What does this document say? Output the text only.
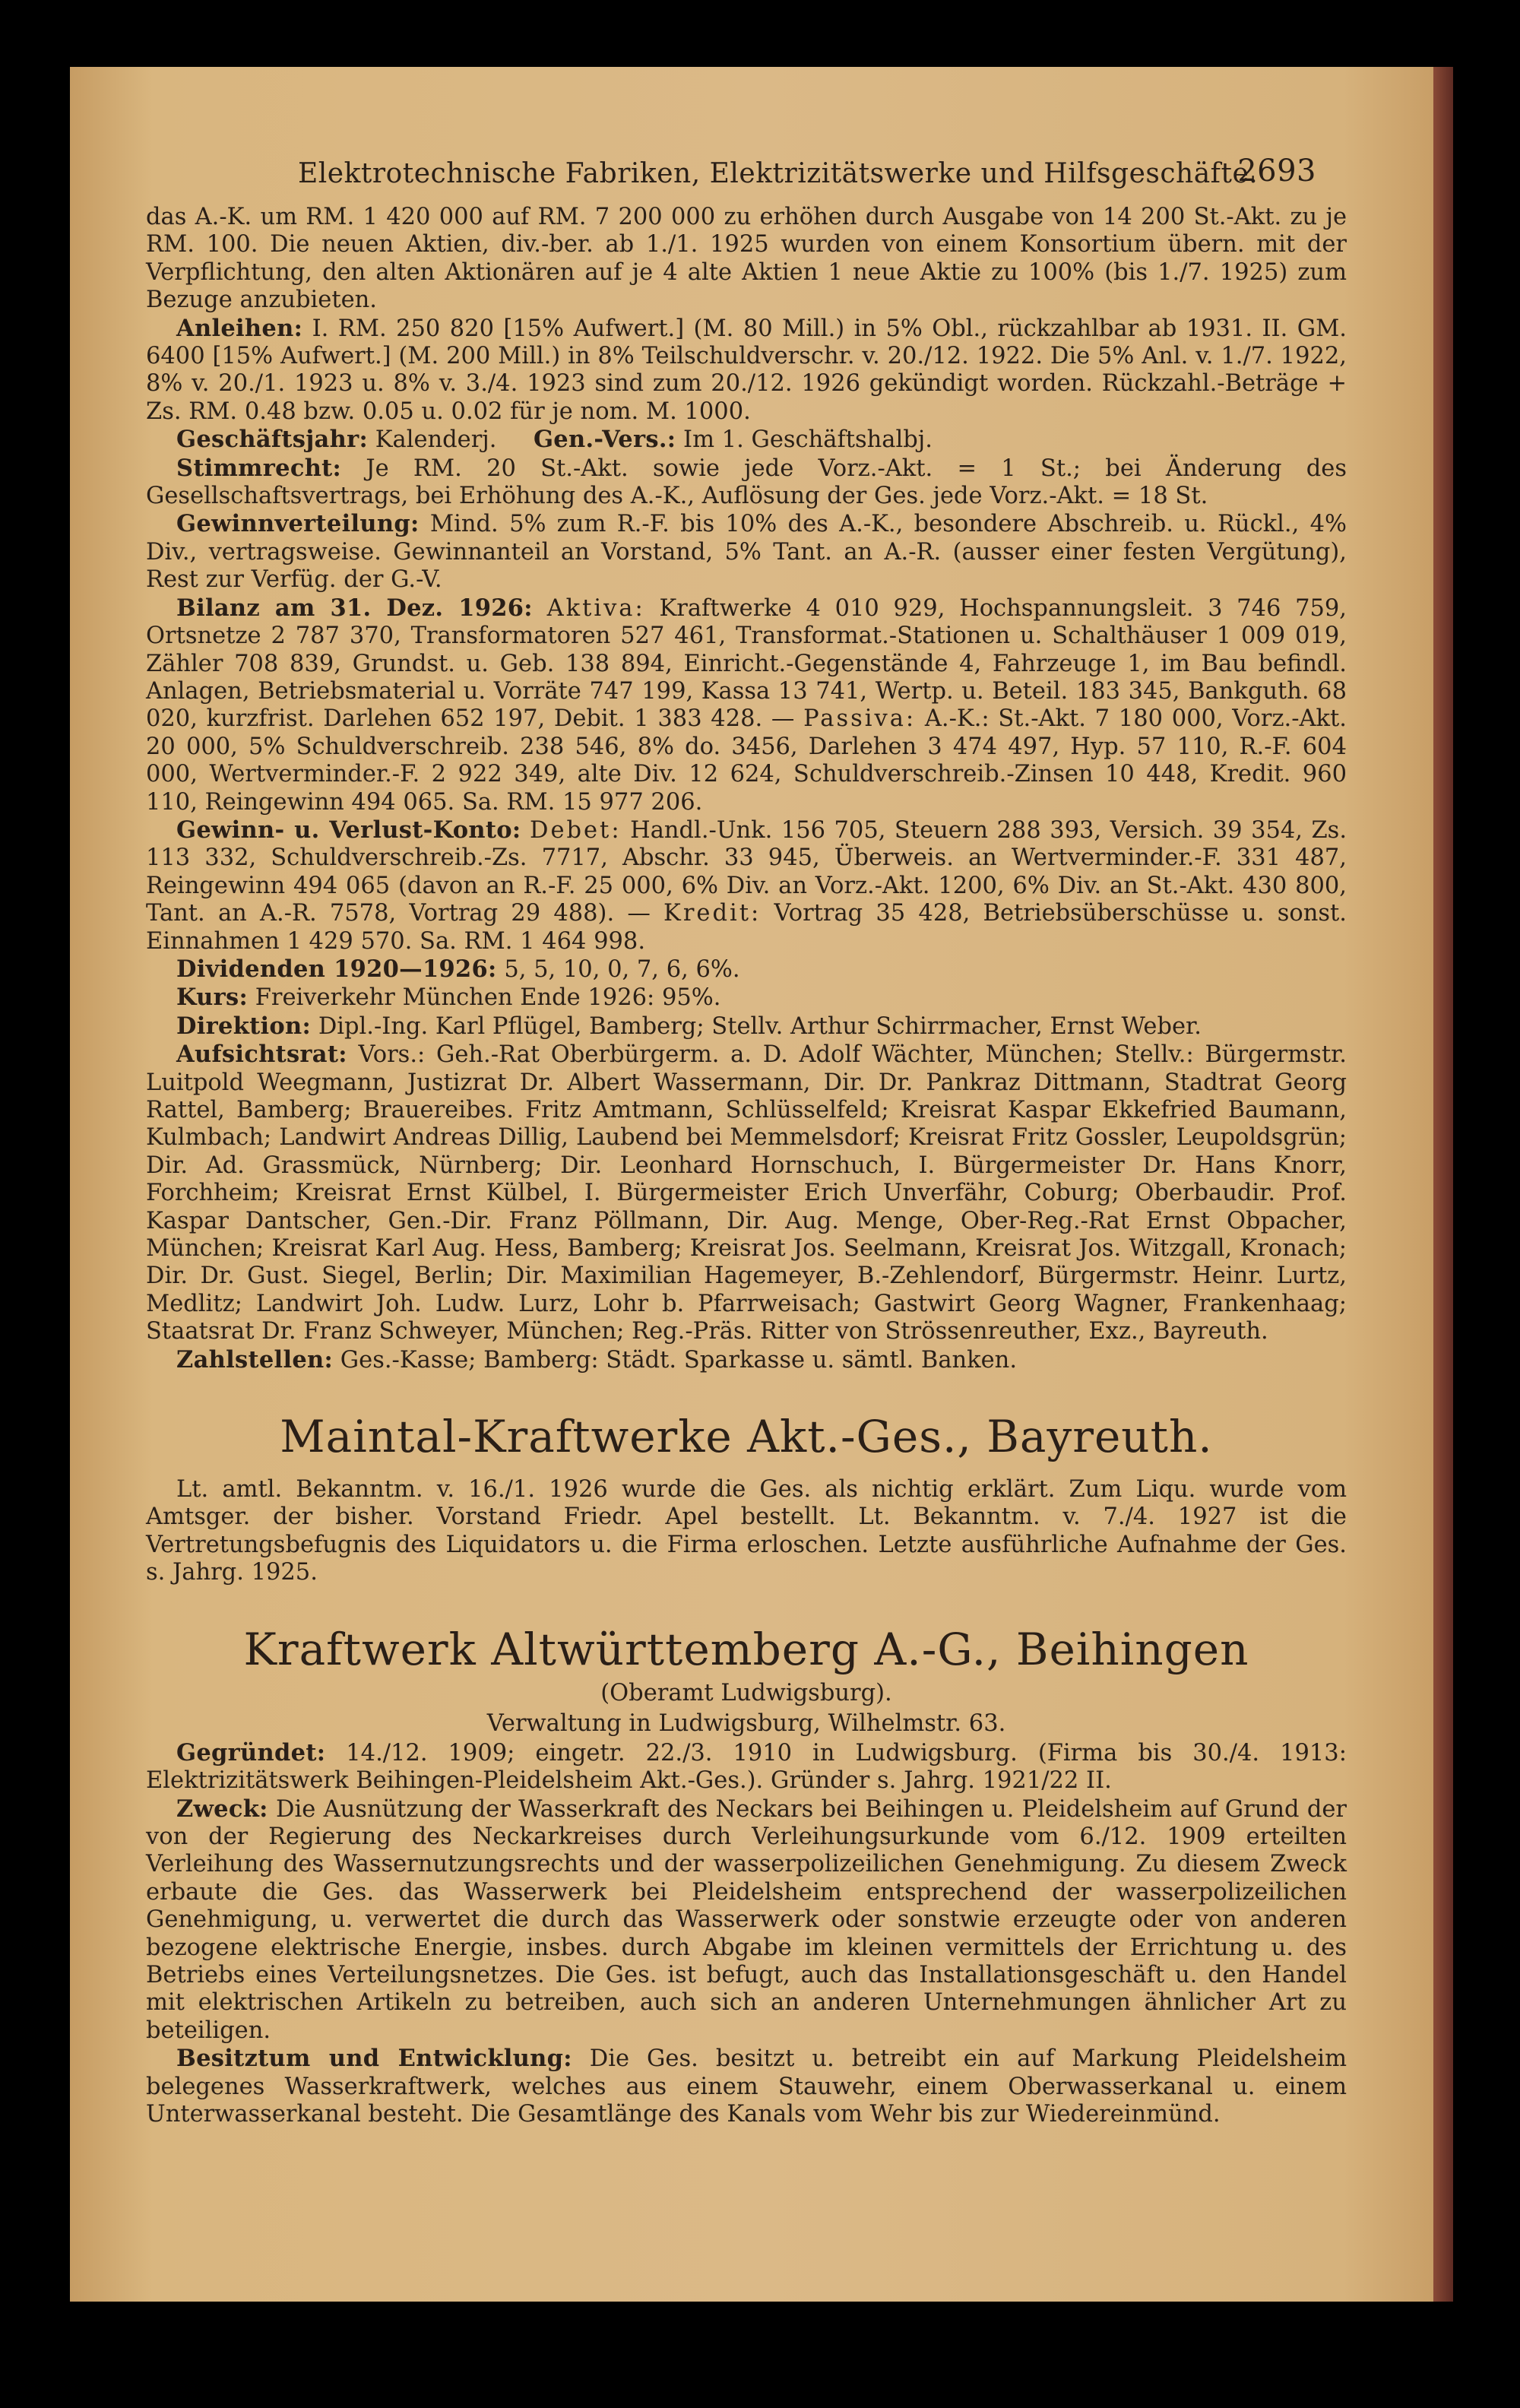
Elektrotechnische Fabriken, Elektrizitätswerke und Hilfsgeschäfte.
2693

das A.-K. um RM. 1 420 000 auf RM. 7 200 000 zu erhöhen durch Ausgabe von 14 200 St.-Akt. zu je RM. 100. Die neuen Aktien, div.-ber. ab 1./1. 1925 wurden von einem Konsortium übern. mit der Verpflichtung, den alten Aktionären auf je 4 alte Aktien 1 neue Aktie zu 100% (bis 1./7. 1925) zum Bezuge anzubieten.

Anleihen: I. RM. 250 820 [15% Aufwert.] (M. 80 Mill.) in 5% Obl., rückzahlbar ab 1931. II. GM. 6400 [15% Aufwert.] (M. 200 Mill.) in 8% Teilschuldverschr. v. 20./12. 1922. Die 5% Anl. v. 1./7. 1922, 8% v. 20./1. 1923 u. 8% v. 3./4. 1923 sind zum 20./12. 1926 gekündigt worden. Rückzahl.-Beträge + Zs. RM. 0.48 bzw. 0.05 u. 0.02 für je nom. M. 1000.

Geschäftsjahr: Kalenderj. Gen.-Vers.: Im 1. Geschäftshalbj.

Stimmrecht: Je RM. 20 St.-Akt. sowie jede Vorz.-Akt. = 1 St.; bei Änderung des Gesellschaftsvertrags, bei Erhöhung des A.-K., Auflösung der Ges. jede Vorz.-Akt. = 18 St.

Gewinnverteilung: Mind. 5% zum R.-F. bis 10% des A.-K., besondere Abschreib. u. Rückl., 4% Div., vertragsweise. Gewinnanteil an Vorstand, 5% Tant. an A.-R. (ausser einer festen Vergütung), Rest zur Verfüg. der G.-V.

Bilanz am 31. Dez. 1926: Aktiva: Kraftwerke 4 010 929, Hochspannungsleit. 3 746 759, Ortsnetze 2 787 370, Transformatoren 527 461, Transformat.-Stationen u. Schalthäuser 1 009 019, Zähler 708 839, Grundst. u. Geb. 138 894, Einricht.-Gegenstände 4, Fahrzeuge 1, im Bau befindl. Anlagen, Betriebsmaterial u. Vorräte 747 199, Kassa 13 741, Wertp. u. Beteil. 183 345, Bankguth. 68 020, kurzfrist. Darlehen 652 197, Debit. 1 383 428. — Passiva: A.-K.: St.-Akt. 7 180 000, Vorz.-Akt. 20 000, 5% Schuldverschreib. 238 546, 8% do. 3456, Darlehen 3 474 497, Hyp. 57 110, R.-F. 604 000, Wertverminder.-F. 2 922 349, alte Div. 12 624, Schuldverschreib.-Zinsen 10 448, Kredit. 960 110, Reingewinn 494 065. Sa. RM. 15 977 206.

Gewinn- u. Verlust-Konto: Debet: Handl.-Unk. 156 705, Steuern 288 393, Versich. 39 354, Zs. 113 332, Schuldverschreib.-Zs. 7717, Abschr. 33 945, Überweis. an Wertverminder.-F. 331 487, Reingewinn 494 065 (davon an R.-F. 25 000, 6% Div. an Vorz.-Akt. 1200, 6% Div. an St.-Akt. 430 800, Tant. an A.-R. 7578, Vortrag 29 488). — Kredit: Vortrag 35 428, Betriebsüberschüsse u. sonst. Einnahmen 1 429 570. Sa. RM. 1 464 998.

Dividenden 1920—1926: 5, 5, 10, 0, 7, 6, 6%.

Kurs: Freiverkehr München Ende 1926: 95%.

Direktion: Dipl.-Ing. Karl Pflügel, Bamberg; Stellv. Arthur Schirrmacher, Ernst Weber.

Aufsichtsrat: Vors.: Geh.-Rat Oberbürgerm. a. D. Adolf Wächter, München; Stellv.: Bürgermstr. Luitpold Weegmann, Justizrat Dr. Albert Wassermann, Dir. Dr. Pankraz Dittmann, Stadtrat Georg Rattel, Bamberg; Brauereibes. Fritz Amtmann, Schlüsselfeld; Kreisrat Kaspar Ekkefried Baumann, Kulmbach; Landwirt Andreas Dillig, Laubend bei Memmelsdorf; Kreisrat Fritz Gossler, Leupoldsgrün; Dir. Ad. Grassmück, Nürnberg; Dir. Leonhard Hornschuch, I. Bürgermeister Dr. Hans Knorr, Forchheim; Kreisrat Ernst Külbel, I. Bürgermeister Erich Unverfähr, Coburg; Oberbaudir. Prof. Kaspar Dantscher, Gen.-Dir. Franz Pöllmann, Dir. Aug. Menge, Ober-Reg.-Rat Ernst Obpacher, München; Kreisrat Karl Aug. Hess, Bamberg; Kreisrat Jos. Seelmann, Kreisrat Jos. Witzgall, Kronach; Dir. Dr. Gust. Siegel, Berlin; Dir. Maximilian Hagemeyer, B.-Zehlendorf, Bürgermstr. Heinr. Lurtz, Medlitz; Landwirt Joh. Ludw. Lurz, Lohr b. Pfarrweisach; Gastwirt Georg Wagner, Frankenhaag; Staatsrat Dr. Franz Schweyer, München; Reg.-Präs. Ritter von Strössenreuther, Exz., Bayreuth.

Zahlstellen: Ges.-Kasse; Bamberg: Städt. Sparkasse u. sämtl. Banken.

Maintal-Kraftwerke Akt.-Ges., Bayreuth.

Lt. amtl. Bekanntm. v. 16./1. 1926 wurde die Ges. als nichtig erklärt. Zum Liqu. wurde vom Amtsger. der bisher. Vorstand Friedr. Apel bestellt. Lt. Bekanntm. v. 7./4. 1927 ist die Vertretungsbefugnis des Liquidators u. die Firma erloschen. Letzte ausführliche Aufnahme der Ges. s. Jahrg. 1925.

Kraftwerk Altwürttemberg A.-G., Beihingen
(Oberamt Ludwigsburg).
Verwaltung in Ludwigsburg, Wilhelmstr. 63.

Gegründet: 14./12. 1909; eingetr. 22./3. 1910 in Ludwigsburg. (Firma bis 30./4. 1913: Elektrizitätswerk Beihingen-Pleidelsheim Akt.-Ges.). Gründer s. Jahrg. 1921/22 II.

Zweck: Die Ausnützung der Wasserkraft des Neckars bei Beihingen u. Pleidelsheim auf Grund der von der Regierung des Neckarkreises durch Verleihungsurkunde vom 6./12. 1909 erteilten Verleihung des Wassernutzungsrechts und der wasserpolizeilichen Genehmigung. Zu diesem Zweck erbaute die Ges. das Wasserwerk bei Pleidelsheim entsprechend der wasserpolizeilichen Genehmigung, u. verwertet die durch das Wasserwerk oder sonstwie erzeugte oder von anderen bezogene elektrische Energie, insbes. durch Abgabe im kleinen vermittels der Errichtung u. des Betriebs eines Verteilungsnetzes. Die Ges. ist befugt, auch das Installationsgeschäft u. den Handel mit elektrischen Artikeln zu betreiben, auch sich an anderen Unternehmungen ähnlicher Art zu beteiligen.

Besitztum und Entwicklung: Die Ges. besitzt u. betreibt ein auf Markung Pleidelsheim belegenes Wasserkraftwerk, welches aus einem Stauwehr, einem Oberwasserkanal u. einem Unterwasserkanal besteht. Die Gesamtlänge des Kanals vom Wehr bis zur Wiedereinmünd.
